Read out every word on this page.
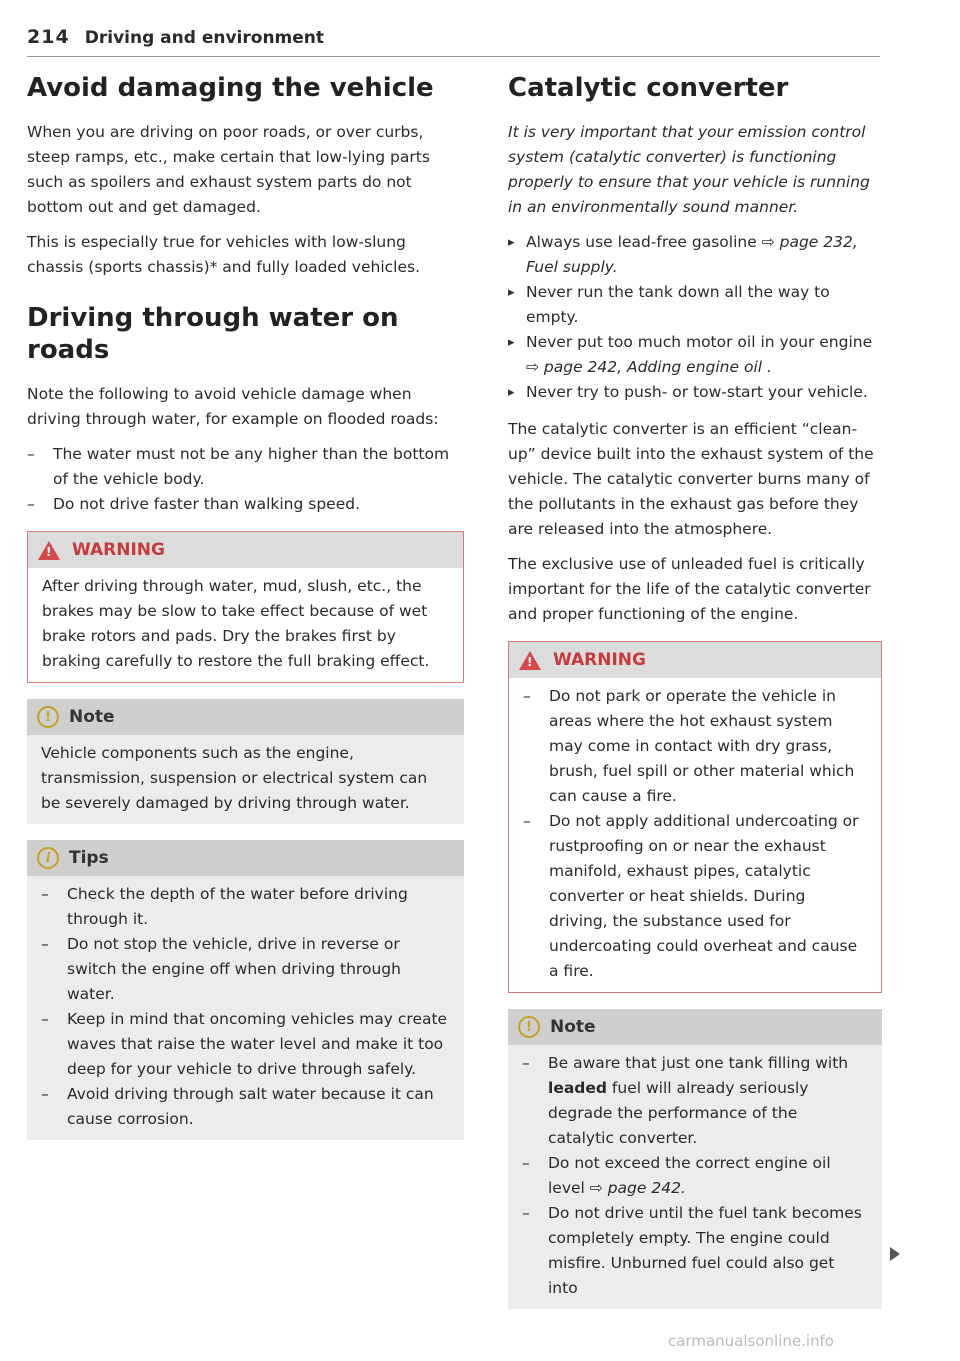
214 Driving and environment
Avoid damaging the vehicle

When you are driving on poor roads, or over curbs, steep ramps, etc., make certain that low-lying parts such as spoilers and exhaust system parts do not bottom out and get damaged.

This is especially true for vehicles with low-slung chassis (sports chassis)* and fully loaded vehicles.

Driving through water on roads

Note the following to avoid vehicle damage when driving through water, for example on flooded roads:

– The water must not be any higher than the bottom of the vehicle body.
– Do not drive faster than walking speed.
! WARNING

After driving through water, mud, slush, etc., the brakes may be slow to take effect because of wet brake rotors and pads. Dry the brakes first by braking carefully to restore the full braking effect.

!	Note

Vehicle components such as the engine, transmission, suspension or electrical system can be severely damaged by driving through water.

i	Tips
– Check the depth of the water before driving through it.
– Do not stop the vehicle, drive in reverse or switch the engine off when driving through water.
– Keep in mind that oncoming vehicles may create waves that raise the water level and make it too deep for your vehicle to drive through safely.
– Avoid driving through salt water because it can cause corrosion.
Catalytic converter

It is very important that your emission control system (catalytic converter) is functioning properly to ensure that your vehicle is running in an environmentally sound manner.

▸ Always use lead-free gasoline ⇨ page 232, Fuel supply.
▸ Never run the tank down all the way to empty.
▸ Never put too much motor oil in your engine ⇨ page 242, Adding engine oil .
▸ Never try to push- or tow-start your vehicle.

The catalytic converter is an efficient “clean-up” device built into the exhaust system of the vehicle. The catalytic converter burns many of the pollutants in the exhaust gas before they are released into the atmosphere.

The exclusive use of unleaded fuel is critically important for the life of the catalytic converter and proper functioning of the engine.

! WARNING
– Do not park or operate the vehicle in areas where the hot exhaust system may come in contact with dry grass, brush, fuel spill or other material which can cause a fire.
– Do not apply additional undercoating or rustproofing on or near the exhaust manifold, exhaust pipes, catalytic converter or heat shields. During driving, the substance used for undercoating could overheat and cause a fire.
!	Note
– Be aware that just one tank filling with leaded fuel will already seriously degrade the performance of the catalytic converter.
– Do not exceed the correct engine oil level ⇨ page 242.
– Do not drive until the fuel tank becomes completely empty. The engine could misfire. Unburned fuel could also get into
carmanualsonline.info
